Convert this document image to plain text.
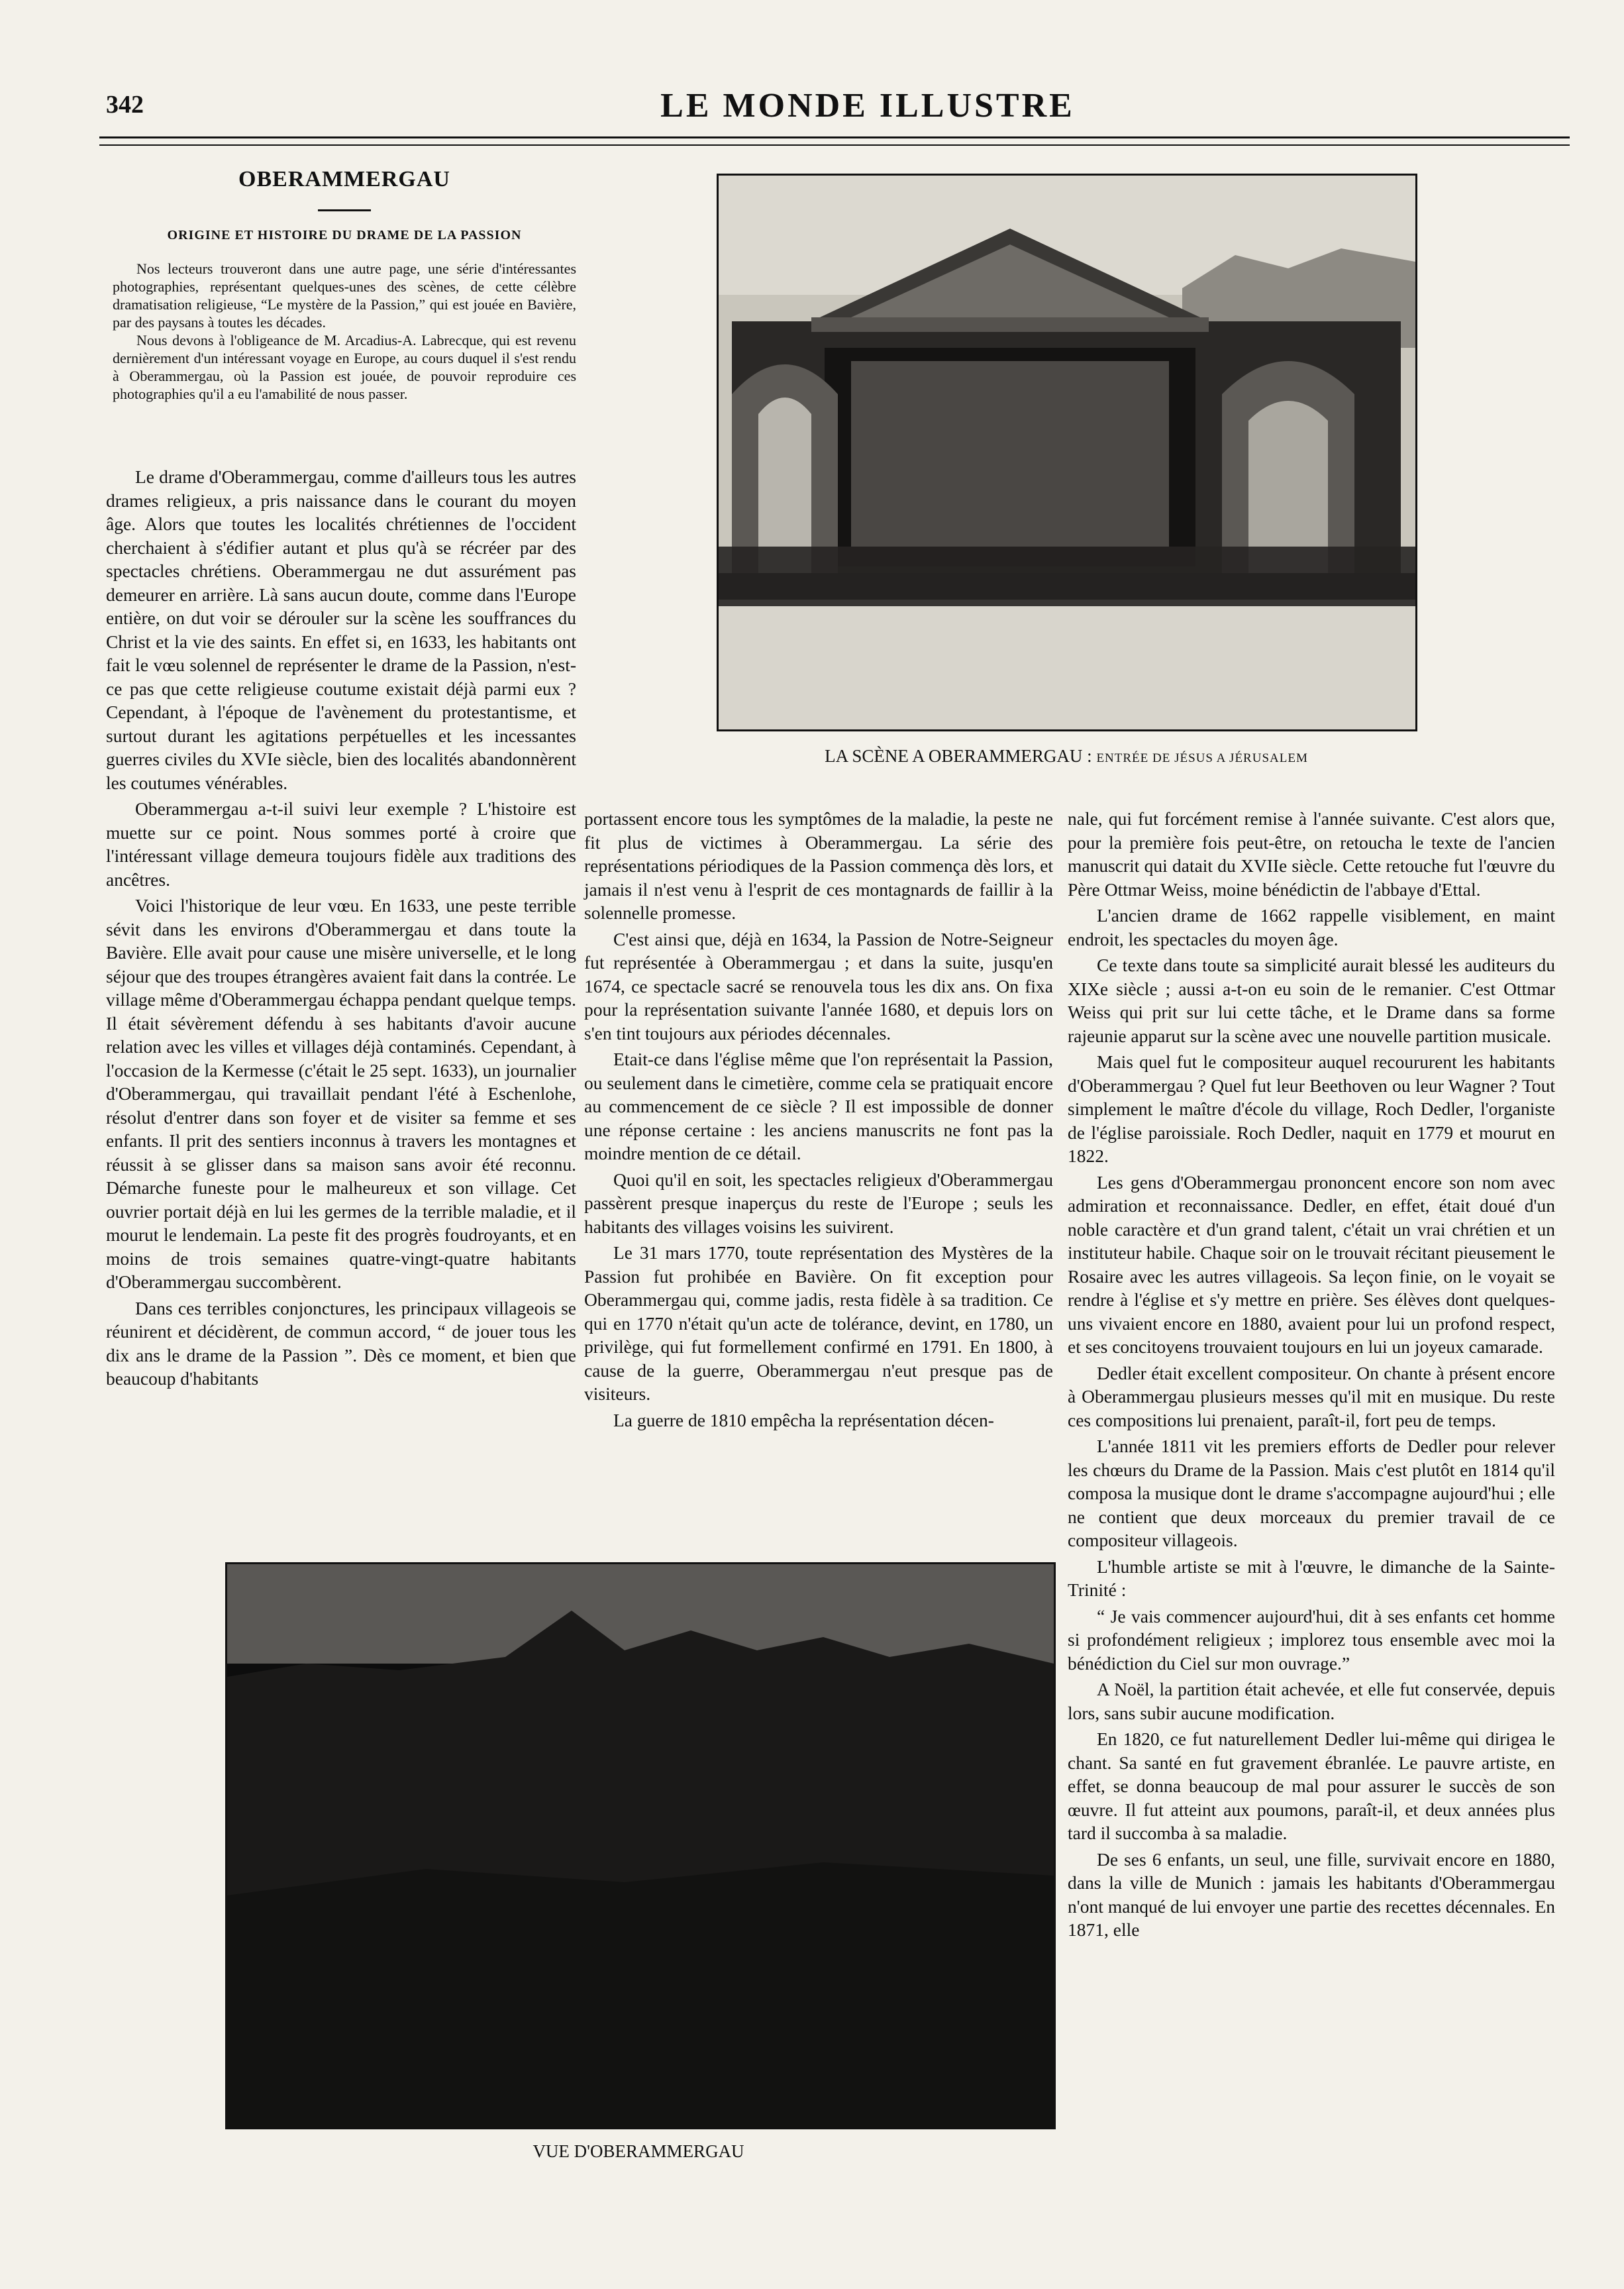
342	LE MONDE ILLUSTRE
OBERAMMERGAU
ORIGINE ET HISTOIRE DU DRAME DE LA PASSION

Nos lecteurs trouveront dans une autre page, une série d'intéressantes photographies, représentant quelques-unes des scènes, de cette célèbre dramatisation religieuse, “Le mystère de la Passion,” qui est jouée en Bavière, par des paysans à toutes les décades.

Nous devons à l'obligeance de M. Arcadius-A. Labrecque, qui est revenu dernièrement d'un intéressant voyage en Europe, au cours duquel il s'est rendu à Oberammergau, où la Passion est jouée, de pouvoir reproduire ces photographies qu'il a eu l'amabilité de nous passer.

Le drame d'Oberammergau, comme d'ailleurs tous les autres drames religieux, a pris naissance dans le courant du moyen âge. Alors que toutes les localités chrétiennes de l'occident cherchaient à s'édifier autant et plus qu'à se récréer par des spectacles chrétiens. Oberammergau ne dut assurément pas demeurer en arrière. Là sans aucun doute, comme dans l'Europe entière, on dut voir se dérouler sur la scène les souffrances du Christ et la vie des saints. En effet si, en 1633, les habitants ont fait le vœu solennel de représenter le drame de la Passion, n'est-ce pas que cette religieuse coutume existait déjà parmi eux ? Cependant, à l'époque de l'avènement du protestantisme, et surtout durant les agitations perpétuelles et les incessantes guerres civiles du XVIe siècle, bien des localités abandonnèrent les coutumes vénérables.

Oberammergau a-t-il suivi leur exemple ? L'histoire est muette sur ce point. Nous sommes porté à croire que l'intéressant village demeura toujours fidèle aux traditions des ancêtres.

Voici l'historique de leur vœu. En 1633, une peste terrible sévit dans les environs d'Oberammergau et dans toute la Bavière. Elle avait pour cause une misère universelle, et le long séjour que des troupes étrangères avaient fait dans la contrée. Le village même d'Oberammergau échappa pendant quelque temps. Il était sévèrement défendu à ses habitants d'avoir aucune relation avec les villes et villages déjà contaminés. Cependant, à l'occasion de la Kermesse (c'était le 25 sept. 1633), un journalier d'Oberammergau, qui travaillait pendant l'été à Eschenlohe, résolut d'entrer dans son foyer et de visiter sa femme et ses enfants. Il prit des sentiers inconnus à travers les montagnes et réussit à se glisser dans sa maison sans avoir été reconnu. Démarche funeste pour le malheureux et son village. Cet ouvrier portait déjà en lui les germes de la terrible maladie, et il mourut le lendemain. La peste fit des progrès foudroyants, et en moins de trois semaines quatre-vingt-quatre habitants d'Oberammergau succombèrent.

Dans ces terribles conjonctures, les principaux villageois se réunirent et décidèrent, de commun accord, “ de jouer tous les dix ans le drame de la Passion ”. Dès ce moment, et bien que beaucoup d'habitants

portassent encore tous les symptômes de la maladie, la peste ne fit plus de victimes à Oberammergau. La série des représentations périodiques de la Passion commença dès lors, et jamais il n'est venu à l'esprit de ces montagnards de faillir à la solennelle promesse.

C'est ainsi que, déjà en 1634, la Passion de Notre-Seigneur fut représentée à Oberammergau ; et dans la suite, jusqu'en 1674, ce spectacle sacré se renouvela tous les dix ans. On fixa pour la représentation suivante l'année 1680, et depuis lors on s'en tint toujours aux périodes décennales.

Etait-ce dans l'église même que l'on représentait la Passion, ou seulement dans le cimetière, comme cela se pratiquait encore au commencement de ce siècle ? Il est impossible de donner une réponse certaine : les anciens manuscrits ne font pas la moindre mention de ce détail.

Quoi qu'il en soit, les spectacles religieux d'Oberammergau passèrent presque inaperçus du reste de l'Europe ; seuls les habitants des villages voisins les suivirent.

Le 31 mars 1770, toute représentation des Mystères de la Passion fut prohibée en Bavière. On fit exception pour Oberammergau qui, comme jadis, resta fidèle à sa tradition. Ce qui en 1770 n'était qu'un acte de tolérance, devint, en 1780, un privilège, qui fut formellement confirmé en 1791. En 1800, à cause de la guerre, Oberammergau n'eut presque pas de visiteurs.

La guerre de 1810 empêcha la représentation décen-

nale, qui fut forcément remise à l'année suivante. C'est alors que, pour la première fois peut-être, on retoucha le texte de l'ancien manuscrit qui datait du XVIIe siècle. Cette retouche fut l'œuvre du Père Ottmar Weiss, moine bénédictin de l'abbaye d'Ettal.

L'ancien drame de 1662 rappelle visiblement, en maint endroit, les spectacles du moyen âge.

Ce texte dans toute sa simplicité aurait blessé les auditeurs du XIXe siècle ; aussi a-t-on eu soin de le remanier. C'est Ottmar Weiss qui prit sur lui cette tâche, et le Drame dans sa forme rajeunie apparut sur la scène avec une nouvelle partition musicale.

Mais quel fut le compositeur auquel recoururent les habitants d'Oberammergau ? Quel fut leur Beethoven ou leur Wagner ? Tout simplement le maître d'école du village, Roch Dedler, l'organiste de l'église paroissiale. Roch Dedler, naquit en 1779 et mourut en 1822.

Les gens d'Oberammergau prononcent encore son nom avec admiration et reconnaissance. Dedler, en effet, était doué d'un noble caractère et d'un grand talent, c'était un vrai chrétien et un instituteur habile. Chaque soir on le trouvait récitant pieusement le Rosaire avec les autres villageois. Sa leçon finie, on le voyait se rendre à l'église et s'y mettre en prière. Ses élèves dont quelques-uns vivaient encore en 1880, avaient pour lui un profond respect, et ses concitoyens trouvaient toujours en lui un joyeux camarade.

Dedler était excellent compositeur. On chante à présent encore à Oberammergau plusieurs messes qu'il mit en musique. Du reste ces compositions lui prenaient, paraît-il, fort peu de temps.

L'année 1811 vit les premiers efforts de Dedler pour relever les chœurs du Drame de la Passion. Mais c'est plutôt en 1814 qu'il composa la musique dont le drame s'accompagne aujourd'hui ; elle ne contient que deux morceaux du premier travail de ce compositeur villageois.

L'humble artiste se mit à l'œuvre, le dimanche de la Sainte-Trinité :

“ Je vais commencer aujourd'hui, dit à ses enfants cet homme si profondément religieux ; implorez tous ensemble avec moi la bénédiction du Ciel sur mon ouvrage.”

A Noël, la partition était achevée, et elle fut conservée, depuis lors, sans subir aucune modification.

En 1820, ce fut naturellement Dedler lui-même qui dirigea le chant. Sa santé en fut gravement ébranlée. Le pauvre artiste, en effet, se donna beaucoup de mal pour assurer le succès de son œuvre. Il fut atteint aux poumons, paraît-il, et deux années plus tard il succomba à sa maladie.

De ses 6 enfants, un seul, une fille, survivait encore en 1880, dans la ville de Munich : jamais les habitants d'Oberammergau n'ont manqué de lui envoyer une partie des recettes décennales. En 1871, elle

LA SCÈNE A OBERAMMERGAU : ENTRÉE DE JÉSUS A JÉRUSALEM
VUE D'OBERAMMERGAU
